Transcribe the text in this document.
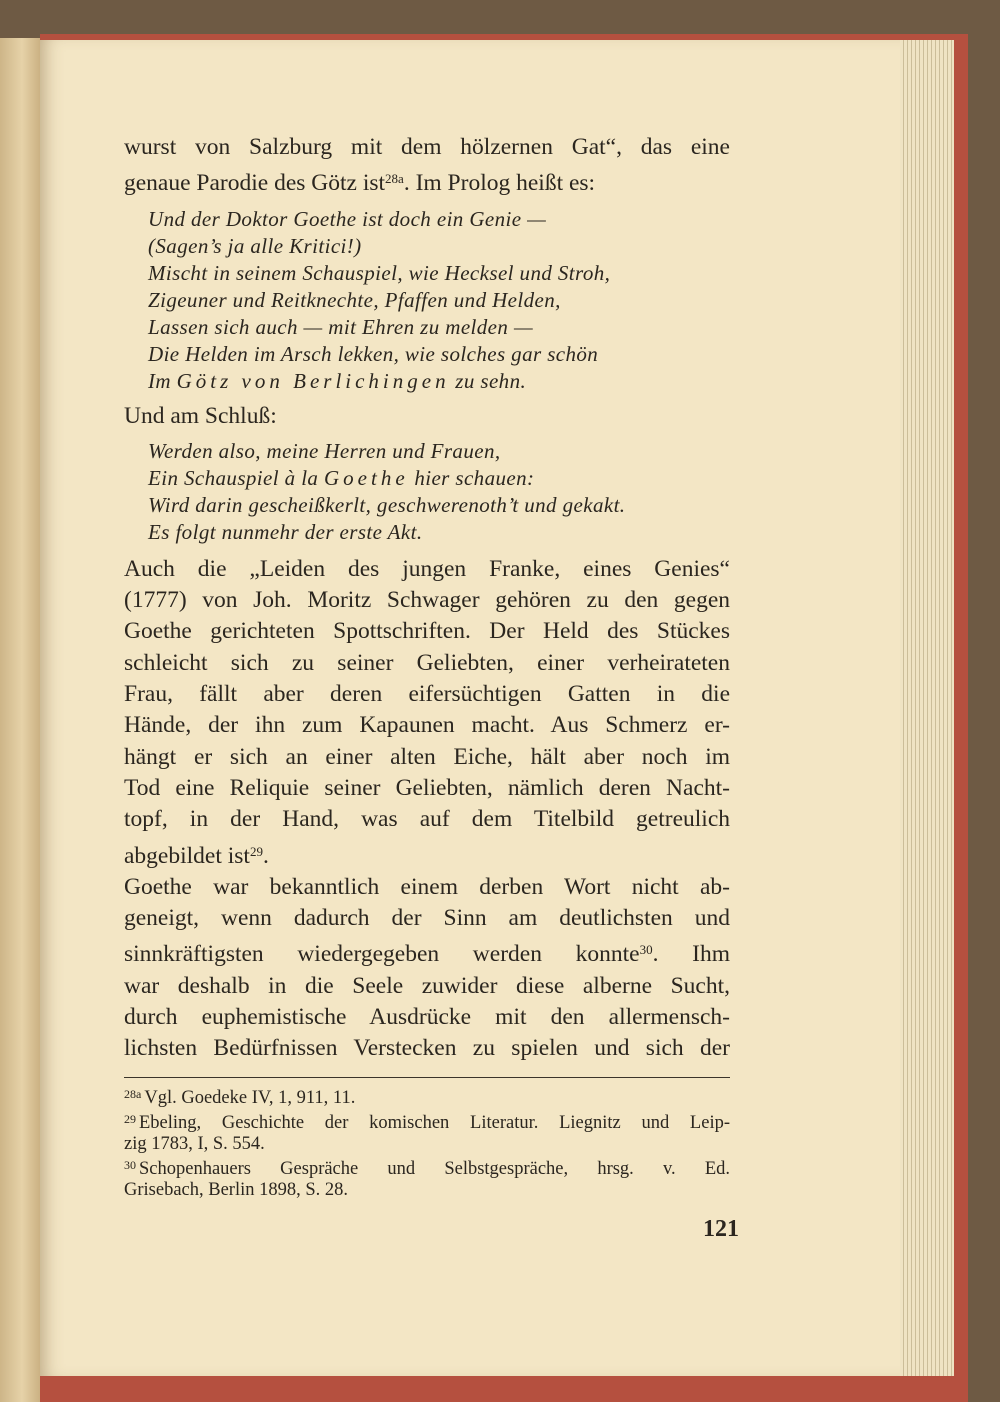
wurst von Salzburg mit dem hölzernen Gat“, das eine

genaue Parodie des Götz ist$^{28a}$. Im Prolog heißt es:

Und der Doktor Goethe ist doch ein Genie —

(Sagen’s ja alle Kritici!)

Mischt in seinem Schauspiel, wie Hecksel und Stroh,

Zigeuner und Reitknechte, Pfaffen und Helden,

Lassen sich auch — mit Ehren zu melden —

Die Helden im Arsch lekken, wie solches gar schön

Im Götz von Berlichingen zu sehn.

Und am Schluß:

Werden also, meine Herren und Frauen,

Ein Schauspiel à la Goethe hier schauen:

Wird darin gescheißkerlt, geschwerenoth’t und gekakt.

Es folgt nunmehr der erste Akt.

Auch die „Leiden des jungen Franke, eines Genies“

(1777) von Joh. Moritz Schwager gehören zu den gegen

Goethe gerichteten Spottschriften. Der Held des Stückes

schleicht sich zu seiner Geliebten, einer verheirateten

Frau, fällt aber deren eifersüchtigen Gatten in die

Hände, der ihn zum Kapaunen macht. Aus Schmerz er-

hängt er sich an einer alten Eiche, hält aber noch im

Tod eine Reliquie seiner Geliebten, nämlich deren Nacht-

topf, in der Hand, was auf dem Titelbild getreulich

abgebildet ist$^{29}$.

Goethe war bekanntlich einem derben Wort nicht ab-

geneigt, wenn dadurch der Sinn am deutlichsten und

sinnkräftigsten wiedergegeben werden konnte$^{30}$. Ihm

war deshalb in die Seele zuwider diese alberne Sucht,

durch euphemistische Ausdrücke mit den allermensch-

lichsten Bedürfnissen Verstecken zu spielen und sich der

$^{28a}$ Vgl. Goedeke IV, 1, 911, 11.

$^{29}$ Ebeling, Geschichte der komischen Literatur. Liegnitz und Leip-

zig 1783, I, S. 554.

$^{30}$ Schopenhauers Gespräche und Selbstgespräche, hrsg. v. Ed.

Grisebach, Berlin 1898, S. 28.

121
